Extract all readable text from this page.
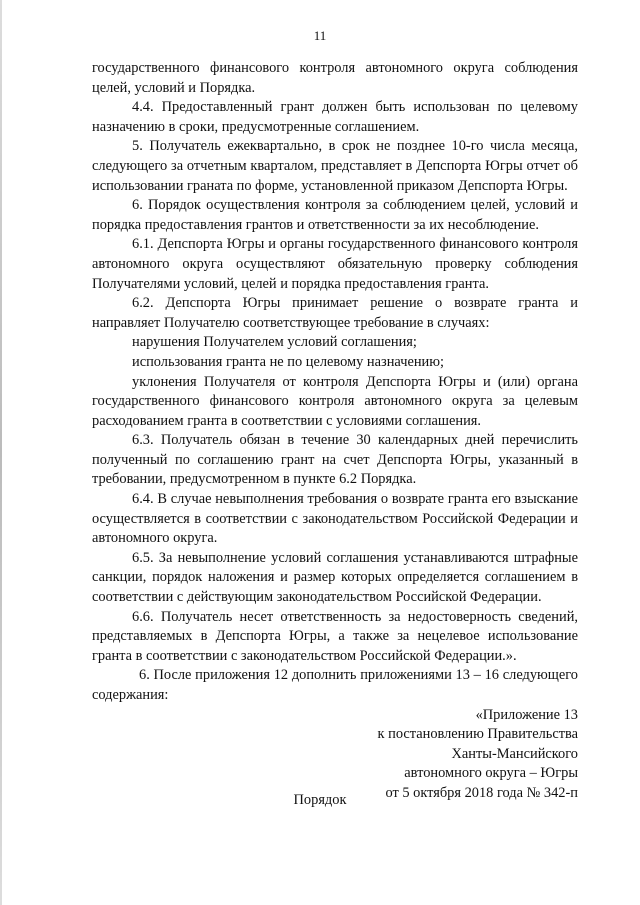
11

государственного финансового контроля автономного округа соблюдения целей, условий и Порядка.

4.4. Предоставленный грант должен быть использован по целевому назначению в сроки, предусмотренные соглашением.

5. Получатель ежеквартально, в срок не позднее 10-го числа месяца, следующего за отчетным кварталом, представляет в Депспорта Югры отчет об использовании граната по форме, установленной приказом Депспорта Югры.

6. Порядок осуществления контроля за соблюдением целей, условий и порядка предоставления грантов и ответственности за их несоблюдение.

6.1. Депспорта Югры и органы государственного финансового контроля автономного округа осуществляют обязательную проверку соблюдения Получателями условий, целей и порядка предоставления гранта.

6.2. Депспорта Югры принимает решение о возврате гранта и направляет Получателю соответствующее требование в случаях:

нарушения Получателем условий соглашения;

использования гранта не по целевому назначению;

уклонения Получателя от контроля Депспорта Югры и (или) органа государственного финансового контроля автономного округа за целевым расходованием гранта в соответствии с условиями соглашения.

6.3. Получатель обязан в течение 30 календарных дней перечислить полученный по соглашению грант на счет Депспорта Югры, указанный в требовании, предусмотренном в пункте 6.2 Порядка.

6.4. В случае невыполнения требования о возврате гранта его взыскание осуществляется в соответствии с законодательством Российской Федерации и автономного округа.

6.5. За невыполнение условий соглашения устанавливаются штрафные санкции, порядок наложения и размер которых определяется соглашением в соответствии с действующим законодательством Российской Федерации.

6.6. Получатель несет ответственность за недостоверность сведений, представляемых в Депспорта Югры, а также за нецелевое использование гранта в соответствии с законодательством Российской Федерации.».

6. После приложения 12 дополнить приложениями 13 – 16 следующего содержания:

«Приложение 13
к постановлению Правительства
Ханты-Мансийского
автономного округа – Югры
от 5 октября 2018 года № 342-п
Порядок
